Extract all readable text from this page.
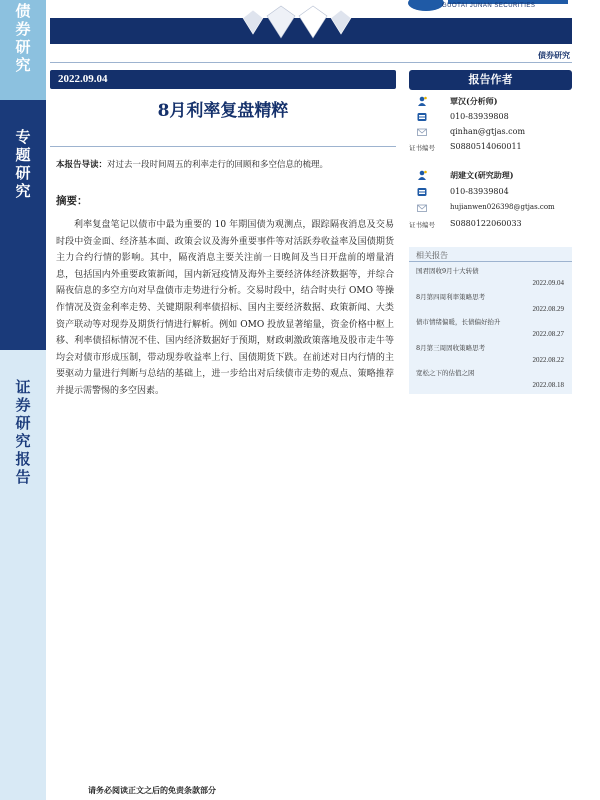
债
券
研
究
专
题
研
究
证
券
研
究
报
告
GUOTAI JUNAN SECURITIES
债券研究
2022.09.04
8月利率复盘精粹
本报告导读：对过去一段时间周五的利率走行的回顾和多空信息的梳理。
摘要：
利率复盘笔记以债市中最为重要的 10 年期国债为观测点，跟踪隔夜消息及交易时段中资金面、经济基本面、政策会议及海外重要事件等对活跃券收益率及国债期货主力合约行情的影响。其中，隔夜消息主要关注前一日晚间及当日开盘前的增量消息，包括国内外重要政策新闻，国内新冠疫情及海外主要经济体经济数据等，并综合隔夜信息的多空方向对早盘债市走势进行分析。交易时段中，结合时央行 OMO 等操作情况及资金利率走势、关键期限利率债招标、国内主要经济数据、政策新闻、大类资产联动等对现券及期货行情进行解析。例如 OMO 投放显著缩量，资金价格中枢上移、利率债招标情况不佳、国内经济数据好于预期，财政刺激政策落地及股市走牛等均会对债市形成压制，带动现券收益率上行、国债期货下跌。在前述对日内行情的主要驱动力量进行判断与总结的基础上，进一步给出对后续债市走势的观点、策略推荐并提示需警惕的多空因素。
报告作者
覃汉(分析师)
010-83939808
qinhan@gtjas.com
证书编号 S0880514060011
胡建文(研究助理)
010-83939804
hujianwen026398@gtjas.com
证书编号 S0880122060033
相关报告
国君固收9月十大转债
2022.09.04
8月第四周利率策略思考
2022.08.29
债市情绪偏暖，长债偏好抬升
2022.08.27
8月第三周固收策略思考
2022.08.22
宽松之下的估值之困
2022.08.18
请务必阅读正文之后的免责条款部分
